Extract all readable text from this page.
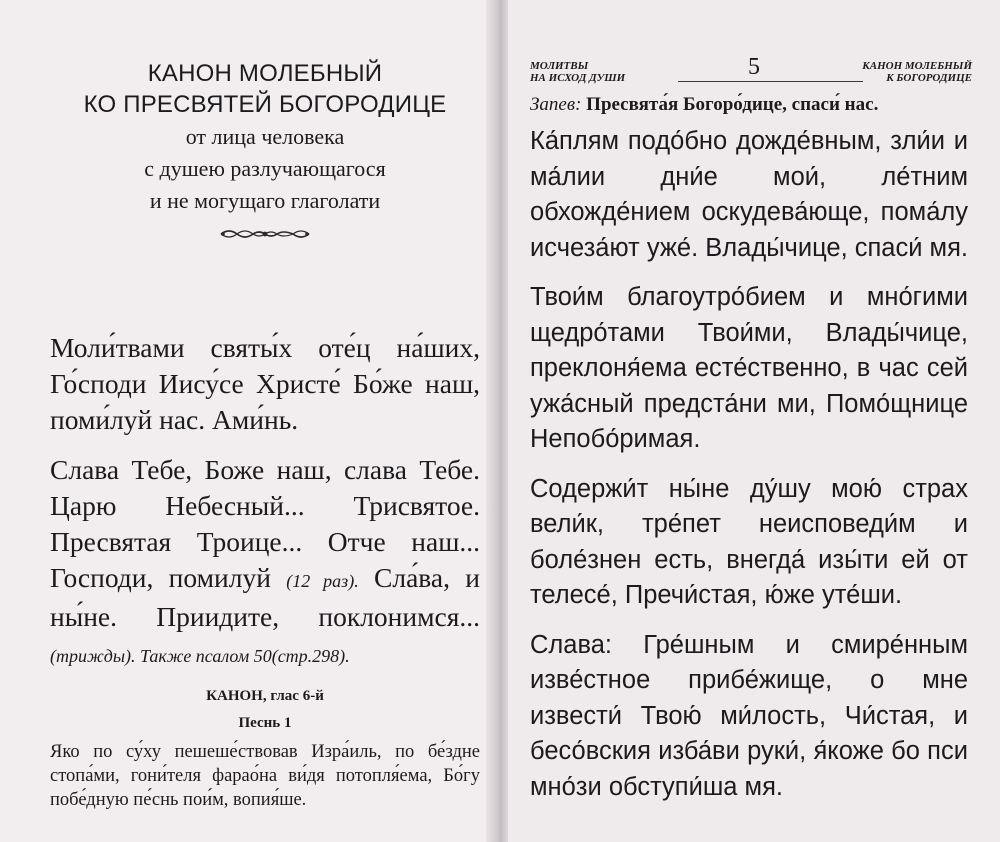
КАНОН МОЛЕБНЫЙ
КО ПРЕСВЯТЕЙ БОГОРОДИЦЕ
от лица человека
с душею разлучающагося
и не могущаго глаголати

Моли́твами святы́х оте́ц на́ших, Го́споди Иису́се Христе́ Бо́же наш, поми́луй нас. Ами́нь.

Слава Тебе, Боже наш, слава Тебе. Царю Небесный... Трисвятое. Пресвятая Троице... Отче наш... Господи, помилуй (12 раз). Сла́ва, и ны́не. Приидите, поклонимся... (трижды). Также псалом 50(стр.298).

КАНОН, глас 6-й
Песнь 1

Яко по су́ху пешеше́ствовав Изра́иль, по бе́здне стопа́ми, гони́теля фарао́на ви́дя потопля́ема, Бо́гу побе́дную пе́снь пои́м, вопия́ше.

МОЛИТВЫ
НА ИСХОД ДУШИ	5	КАНОН МОЛЕБНЫЙ
К БОГОРОДИЦЕ

Запев: Пресвята́я Богоро́дице, спаси́ нас.

Ка́плям подо́бно дожде́вным, зли́и и ма́лии дни́е мои́, ле́тним обхожде́нием оскудева́юще, пома́лу исчеза́ют уже́. Влады́чице, спаси́ мя.

Твои́м благоутро́бием и мно́гими щедро́тами Твои́ми, Влады́чице, преклоня́ема есте́ственно, в час сей ужа́сный предста́ни ми, Помо́щнице Непобо́римая.

Содержи́т ны́не ду́шу мою́ страх вели́к, тре́пет неисповеди́м и боле́знен есть, внегда́ изы́ти ей от телесе́, Пречи́стая, ю́же уте́ши.

Слава: Гре́шным и смире́нным изве́стное прибе́жище, о мне извести́ Твою́ ми́лость, Чи́стая, и бесо́вския изба́ви руки́, я́коже бо пси мно́зи обступи́ша мя.
